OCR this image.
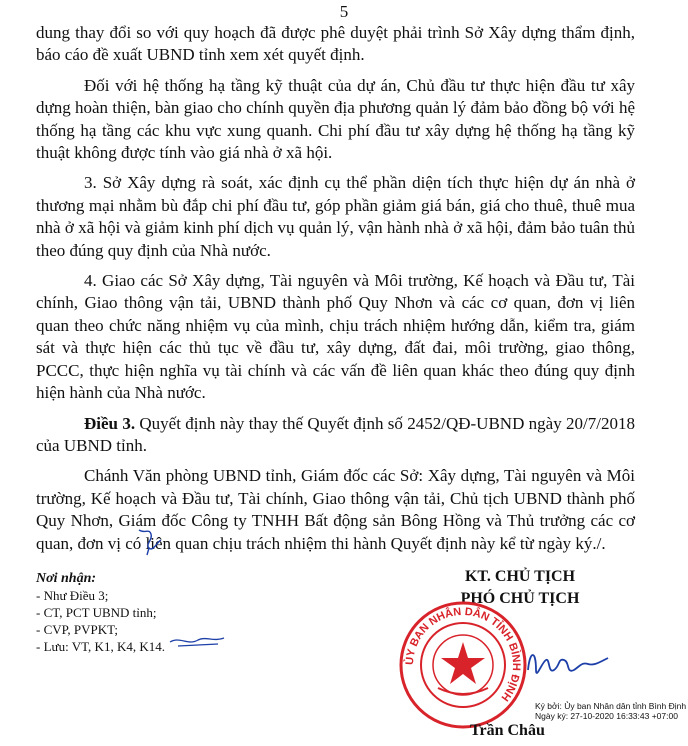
5

dung thay đổi so với quy hoạch đã được phê duyệt phải trình Sở Xây dựng thẩm định, báo cáo đề xuất UBND tỉnh xem xét quyết định.

Đối với hệ thống hạ tầng kỹ thuật của dự án, Chủ đầu tư thực hiện đầu tư xây dựng hoàn thiện, bàn giao cho chính quyền địa phương quản lý đảm bảo đồng bộ với hệ thống hạ tầng các khu vực xung quanh. Chi phí đầu tư xây dựng hệ thống hạ tầng kỹ thuật không được tính vào giá nhà ở xã hội.

3. Sở Xây dựng rà soát, xác định cụ thể phần diện tích thực hiện dự án nhà ở thương mại nhằm bù đắp chi phí đầu tư, góp phần giảm giá bán, giá cho thuê, thuê mua nhà ở xã hội và giảm kinh phí dịch vụ quản lý, vận hành nhà ở xã hội, đảm bảo tuân thủ theo đúng quy định của Nhà nước.

4. Giao các Sở Xây dựng, Tài nguyên và Môi trường, Kế hoạch và Đầu tư, Tài chính, Giao thông vận tải, UBND thành phố Quy Nhơn và các cơ quan, đơn vị liên quan theo chức năng nhiệm vụ của mình, chịu trách nhiệm hướng dẫn, kiểm tra, giám sát và thực hiện các thủ tục về đầu tư, xây dựng, đất đai, môi trường, giao thông, PCCC, thực hiện nghĩa vụ tài chính và các vấn đề liên quan khác theo đúng quy định hiện hành của Nhà nước.

Điều 3. Quyết định này thay thế Quyết định số 2452/QĐ-UBND ngày 20/7/2018 của UBND tỉnh.

Chánh Văn phòng UBND tỉnh, Giám đốc các Sở: Xây dựng, Tài nguyên và Môi trường, Kế hoạch và Đầu tư, Tài chính, Giao thông vận tải, Chủ tịch UBND thành phố Quy Nhơn, Giám đốc Công ty TNHH Bất động sản Bông Hồng và Thủ trưởng các cơ quan, đơn vị có liên quan chịu trách nhiệm thi hành Quyết định này kể từ ngày ký./.

Nơi nhận:
- Như Điều 3;
- CT, PCT UBND tỉnh;
- CVP, PVPKT;
- Lưu: VT, K1, K4, K14.
KT. CHỦ TỊCH
PHÓ CHỦ TỊCH
ỦY BAN NHÂN DÂN TỈNH BÌNH ĐỊNH
Ký bởi: Ủy ban Nhân dân tỉnh Bình Định
Ngày ký: 27-10-2020 16:33:43 +07:00
Trần Châu
